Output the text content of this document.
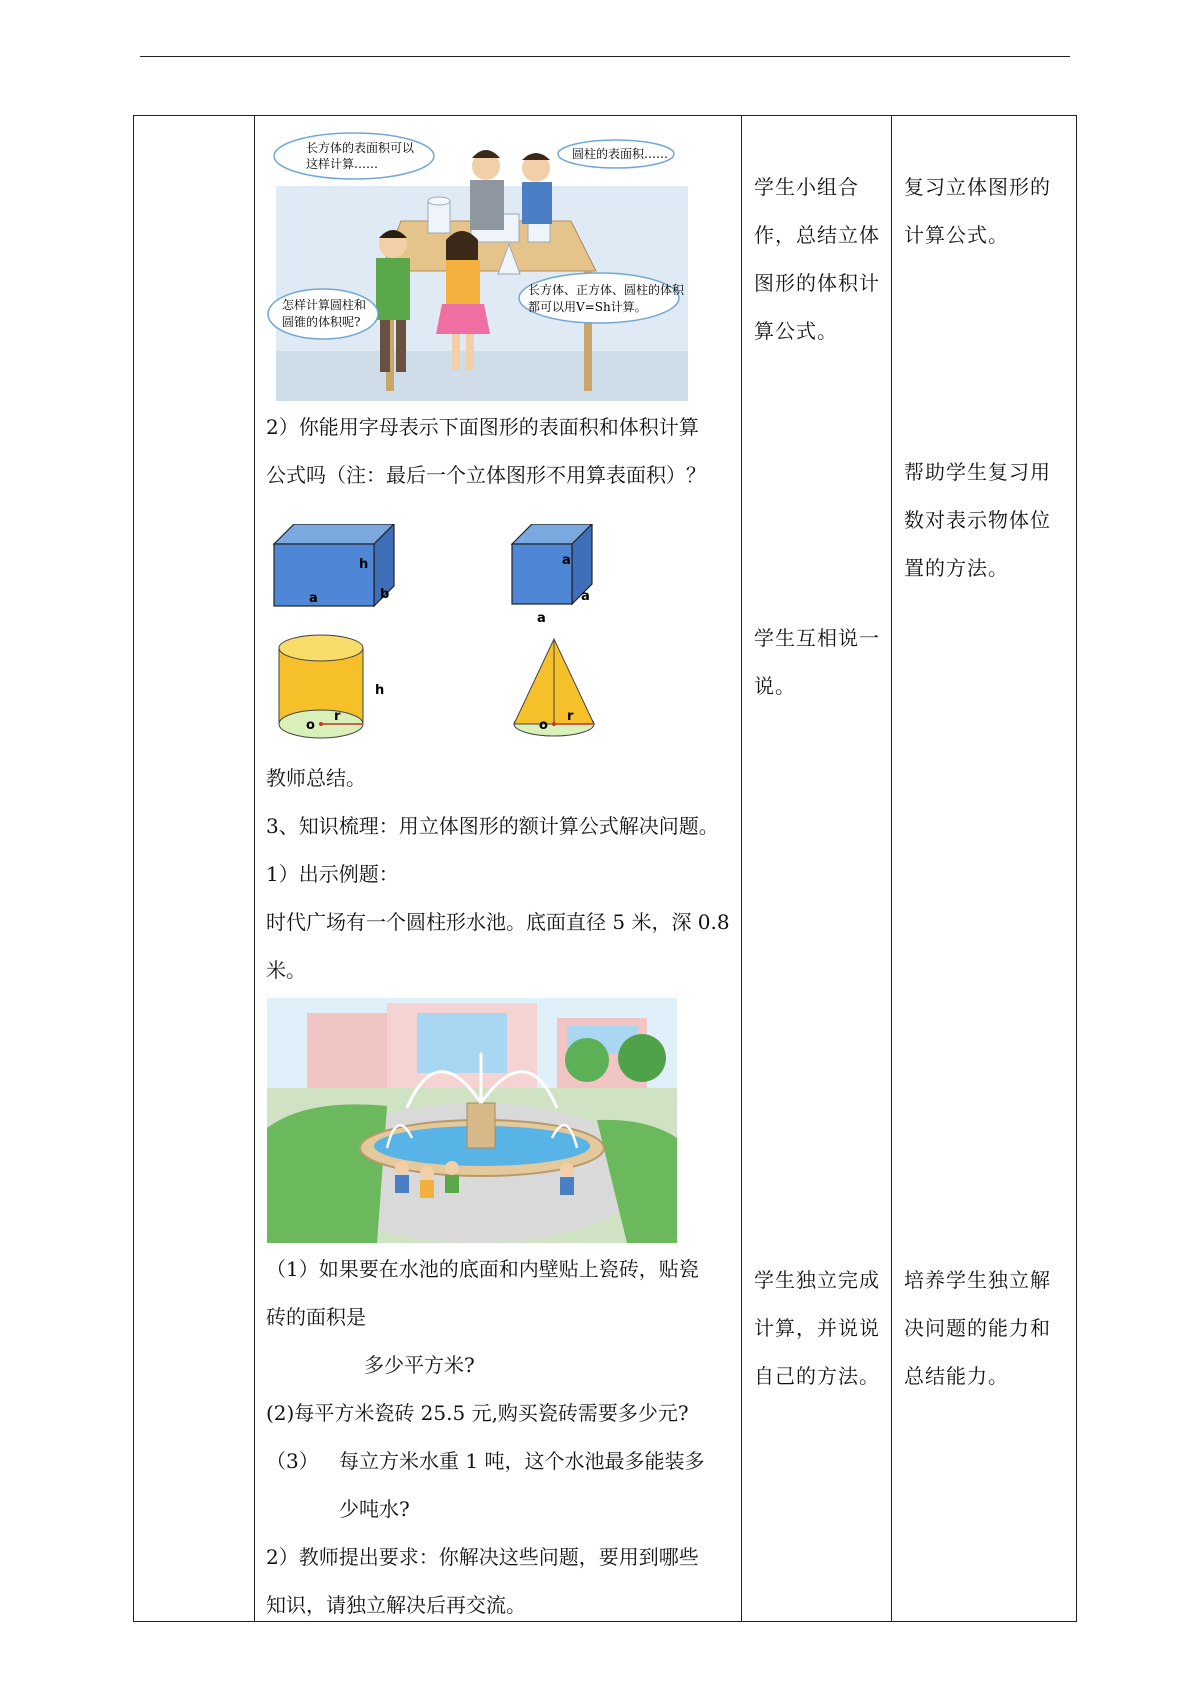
长方体的表面积可以
这样计算……
圆柱的表面积……
怎样计算圆柱和
圆锥的体积呢?
长方体、正方体、圆柱的体积
都可以用V=Sh计算。
2）你能用字母表示下面图形的表面积和体积计算
公式吗（注：最后一个立体图形不用算表面积）？
h
a	b
a
a
a
h
o
r
o
r
教师总结。
3、知识梳理：用立体图形的额计算公式解决问题。
1）出示例题：
时代广场有一个圆柱形水池。底面直径 5 米，深 0.8
米。
（1）如果要在水池的底面和内壁贴上瓷砖，贴瓷
砖的面积是
多少平方米?
(2)每平方米瓷砖 25.5 元,购买瓷砖需要多少元?
（3） 每立方米水重 1 吨，这个水池最多能装多
少吨水?
2）教师提出要求：你解决这些问题，要用到哪些
知识，请独立解决后再交流。
学生小组合作，总结立体图形的体积计算公式。
学生互相说一说。
学生独立完成计算，并说说自己的方法。
复习立体图形的计算公式。
帮助学生复习用数对表示物体位置的方法。
培养学生独立解决问题的能力和总结能力。
